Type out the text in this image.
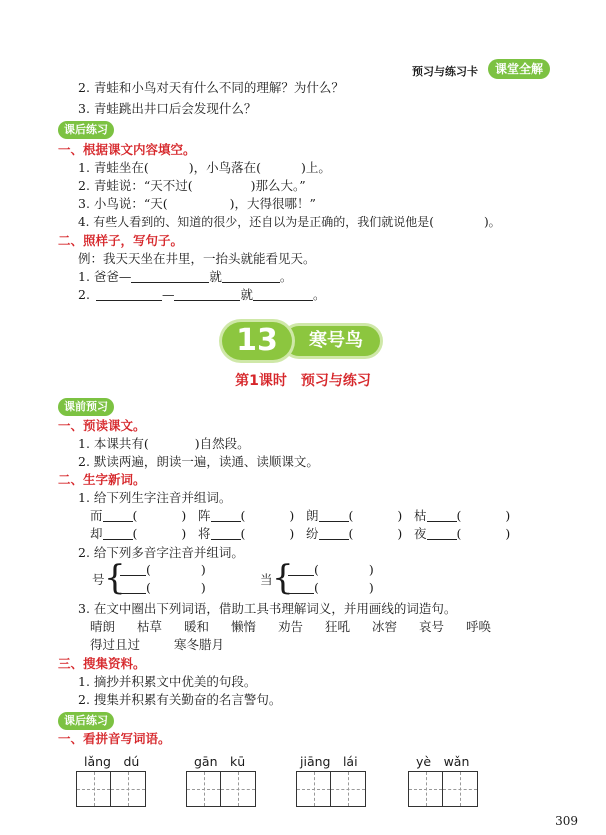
预习与练习卡	课堂全解
2. 青蛙和小鸟对天有什么不同的理解？为什么？
3. 青蛙跳出井口后会发现什么？
课后练习
一、根据课文内容填空。
1. 青蛙坐在(	)，小鸟落在(	)上。
2. 青蛙说：“天不过(	)那么大。”
3. 小鸟说：“天(	)，大得很哪！”
4. 有些人看到的、知道的很少，还自以为是正确的，我们就说他是(	)。
二、照样子，写句子。
例：我天天坐在井里，一抬头就能看见天。
1. 爸爸—	就	。
2.	—	就	。
寒号鸟
13
第1课时　预习与练习
课前预习
一、预读课文。
1. 本课共有(	)自然段。
2. 默读两遍，朗读一遍，读通、读顺课文。
二、生字新词。
1. 给下列生字注音并组词。
而 (	) 阵 (	) 朗 (	) 枯 (	)
却 (	) 将 (	) 纷 (	) 夜 (	)
2. 给下列多音字注音并组词。
号 {	(	)
(	)
当 {	(	)
(	)
3. 在文中圈出下列词语，借助工具书理解词义，并用画线的词造句。
晴朗 枯草 暖和 懒惰 劝告 狂吼 冰窖 哀号 呼唤
得过且过	寒冬腊月
三、搜集资料。
1. 摘抄并积累文中优美的句段。
2. 搜集并积累有关勤奋的名言警句。
课后练习
一、看拼音写词语。
lǎng　dú	gān　kū	jiāng　lái	yè　wǎn
309
